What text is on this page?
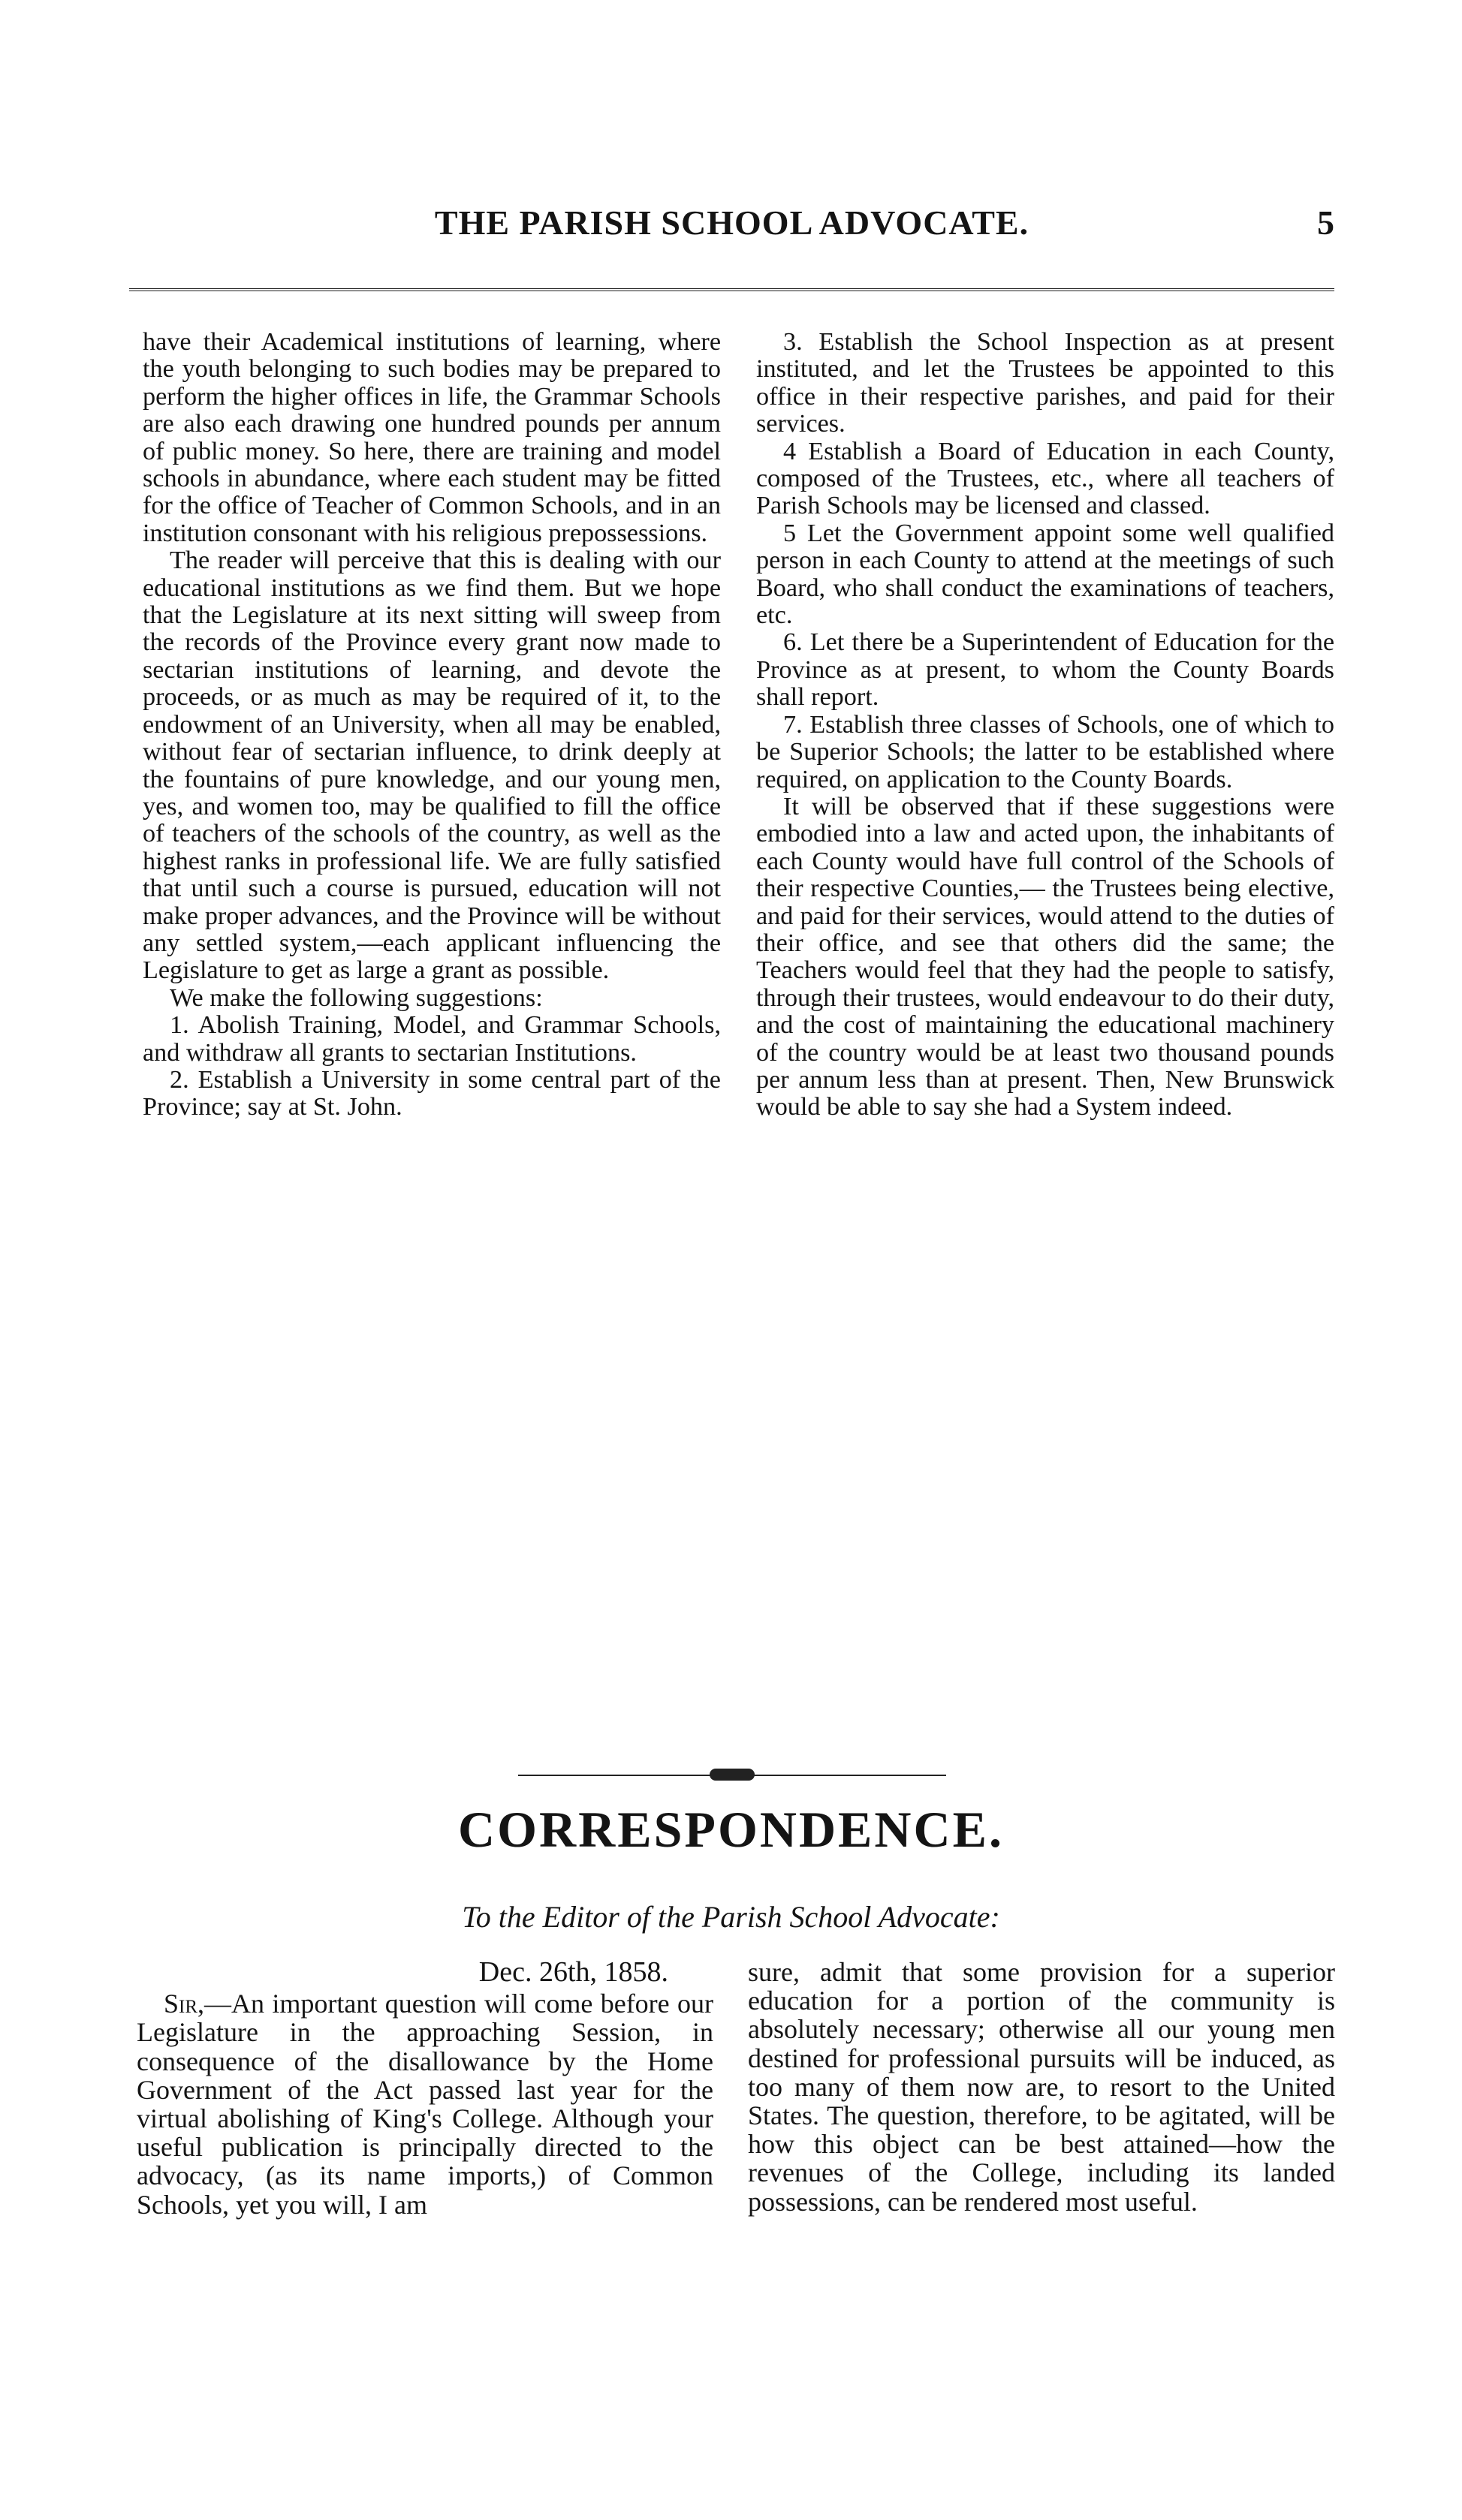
THE PARISH SCHOOL ADVOCATE.	5

have their Academical institutions of learning, where the youth belonging to such bodies may be prepared to perform the higher offices in life, the Grammar Schools are also each drawing one hundred pounds per annum of public money. So here, there are training and model schools in abundance, where each student may be fitted for the office of Teacher of Common Schools, and in an institution consonant with his religious prepossessions.

The reader will perceive that this is dealing with our educational institutions as we find them. But we hope that the Legislature at its next sitting will sweep from the records of the Province every grant now made to sectarian institutions of learning, and devote the proceeds, or as much as may be required of it, to the endowment of an University, when all may be enabled, without fear of sectarian influence, to drink deeply at the fountains of pure knowledge, and our young men, yes, and women too, may be qualified to fill the office of teachers of the schools of the country, as well as the highest ranks in professional life. We are fully satisfied that until such a course is pursued, education will not make proper advances, and the Province will be without any settled system,—each applicant influencing the Legislature to get as large a grant as possible.

We make the following suggestions:

1. Abolish Training, Model, and Grammar Schools, and withdraw all grants to sectarian Institutions.

2. Establish a University in some central part of the Province; say at St. John.

3. Establish the School Inspection as at present instituted, and let the Trustees be appointed to this office in their respective parishes, and paid for their services.

4 Establish a Board of Education in each County, composed of the Trustees, etc., where all teachers of Parish Schools may be licensed and classed.

5 Let the Government appoint some well qualified person in each County to attend at the meetings of such Board, who shall conduct the examinations of teachers, etc.

6. Let there be a Superintendent of Education for the Province as at present, to whom the County Boards shall report.

7. Establish three classes of Schools, one of which to be Superior Schools; the latter to be established where required, on application to the County Boards.

It will be observed that if these suggestions were embodied into a law and acted upon, the inhabitants of each County would have full control of the Schools of their respective Counties,— the Trustees being elective, and paid for their services, would attend to the duties of their office, and see that others did the same; the Teachers would feel that they had the people to satisfy, through their trustees, would endeavour to do their duty, and the cost of maintaining the educational machinery of the country would be at least two thousand pounds per annum less than at present. Then, New Brunswick would be able to say she had a System indeed.

CORRESPONDENCE.
To the Editor of the Parish School Advocate:
Dec. 26th, 1858.

Sir,—An important question will come before our Legislature in the approaching Session, in consequence of the disallowance by the Home Government of the Act passed last year for the virtual abolishing of King's College. Although your useful publication is principally directed to the advocacy, (as its name imports,) of Common Schools, yet you will, I am

sure, admit that some provision for a superior education for a portion of the community is absolutely necessary; otherwise all our young men destined for professional pursuits will be induced, as too many of them now are, to resort to the United States. The question, therefore, to be agitated, will be how this object can be best attained—how the revenues of the College, including its landed possessions, can be rendered most useful.
